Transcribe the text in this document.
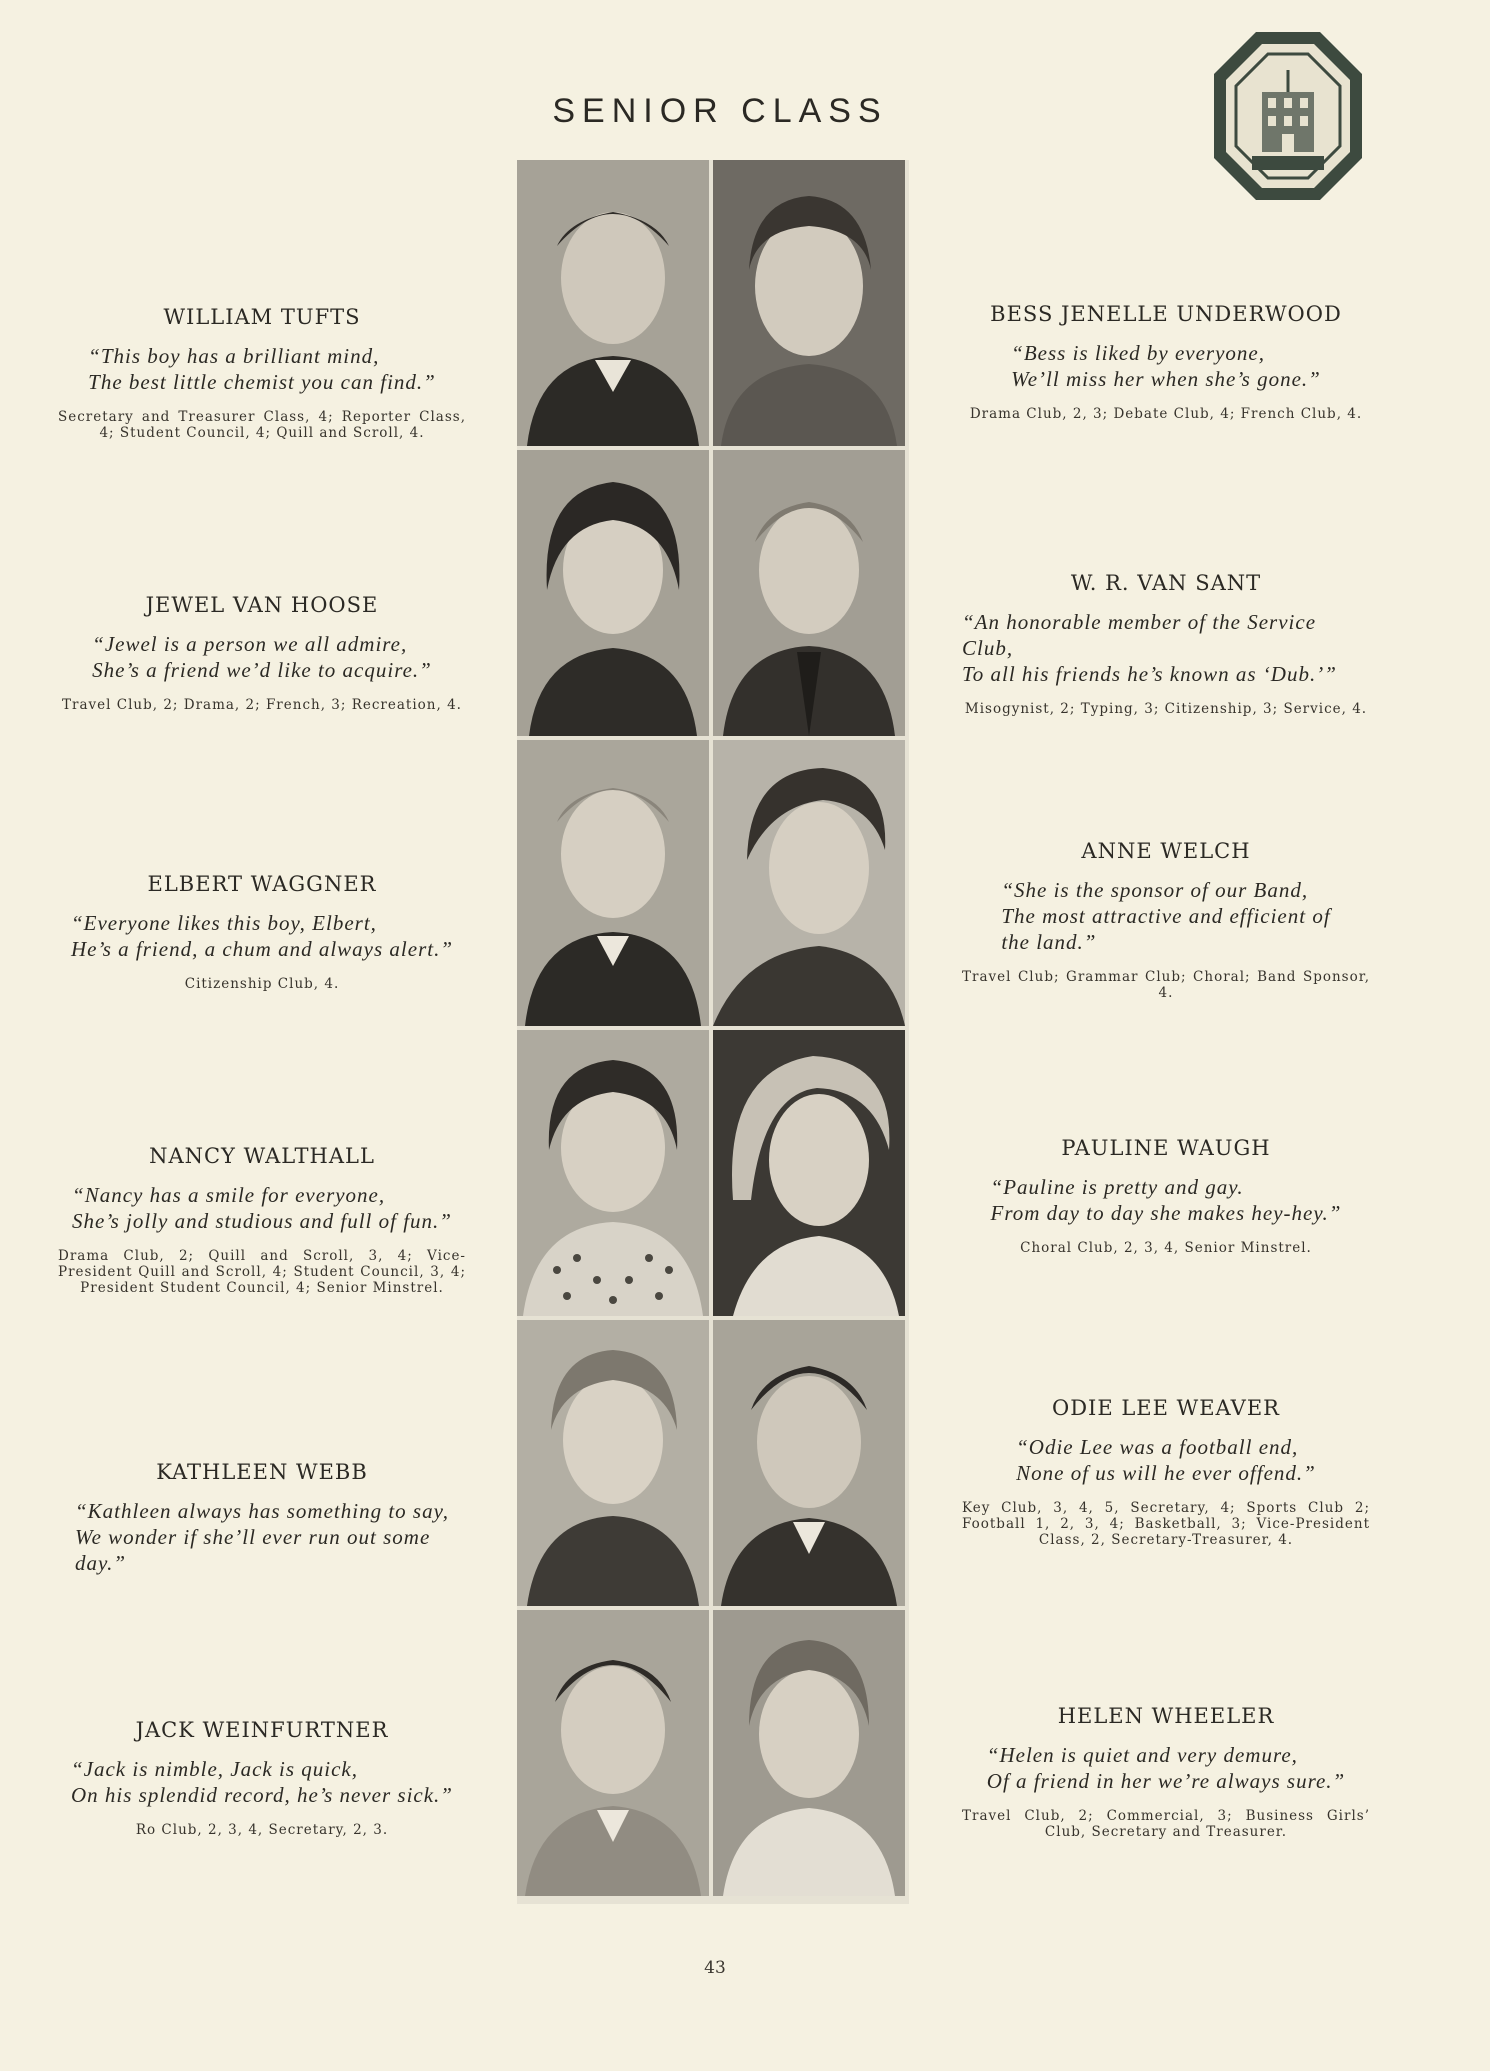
SENIOR CLASS
WILLIAM TUFTS
“This boy has a brilliant mind,
The best little chemist you can find.”
Secretary and Treasurer Class, 4; Reporter Class, 4; Student Council, 4; Quill and Scroll, 4.
JEWEL VAN HOOSE
“Jewel is a person we all admire,
She’s a friend we’d like to acquire.”
Travel Club, 2; Drama, 2; French, 3; Recreation, 4.
ELBERT WAGGNER
“Everyone likes this boy, Elbert,
He’s a friend, a chum and always alert.”
Citizenship Club, 4.
NANCY WALTHALL
“Nancy has a smile for everyone,
She’s jolly and studious and full of fun.”
Drama Club, 2; Quill and Scroll, 3, 4; Vice-President Quill and Scroll, 4; Student Council, 3, 4; President Student Council, 4; Senior Minstrel.
KATHLEEN WEBB
“Kathleen always has something to say,
We wonder if she’ll ever run out some
day.”
JACK WEINFURTNER
“Jack is nimble, Jack is quick,
On his splendid record, he’s never sick.”
Ro Club, 2, 3, 4, Secretary, 2, 3.
BESS JENELLE UNDERWOOD
“Bess is liked by everyone,
We’ll miss her when she’s gone.”
Drama Club, 2, 3; Debate Club, 4; French Club, 4.
W. R. VAN SANT
“An honorable member of the Service Club,
To all his friends he’s known as ‘Dub.’”
Misogynist, 2; Typing, 3; Citizenship, 3; Service, 4.
ANNE WELCH
“She is the sponsor of our Band,
The most attractive and efficient of
the land.”
Travel Club; Grammar Club; Choral; Band Sponsor, 4.
PAULINE WAUGH
“Pauline is pretty and gay.
From day to day she makes hey-hey.”
Choral Club, 2, 3, 4, Senior Minstrel.
ODIE LEE WEAVER
“Odie Lee was a football end,
None of us will he ever offend.”
Key Club, 3, 4, 5, Secretary, 4; Sports Club 2; Football 1, 2, 3, 4; Basketball, 3; Vice-President Class, 2, Secretary-Treasurer, 4.
HELEN WHEELER
“Helen is quiet and very demure,
Of a friend in her we’re always sure.”
Travel Club, 2; Commercial, 3; Business Girls’ Club, Secretary and Treasurer.
43
